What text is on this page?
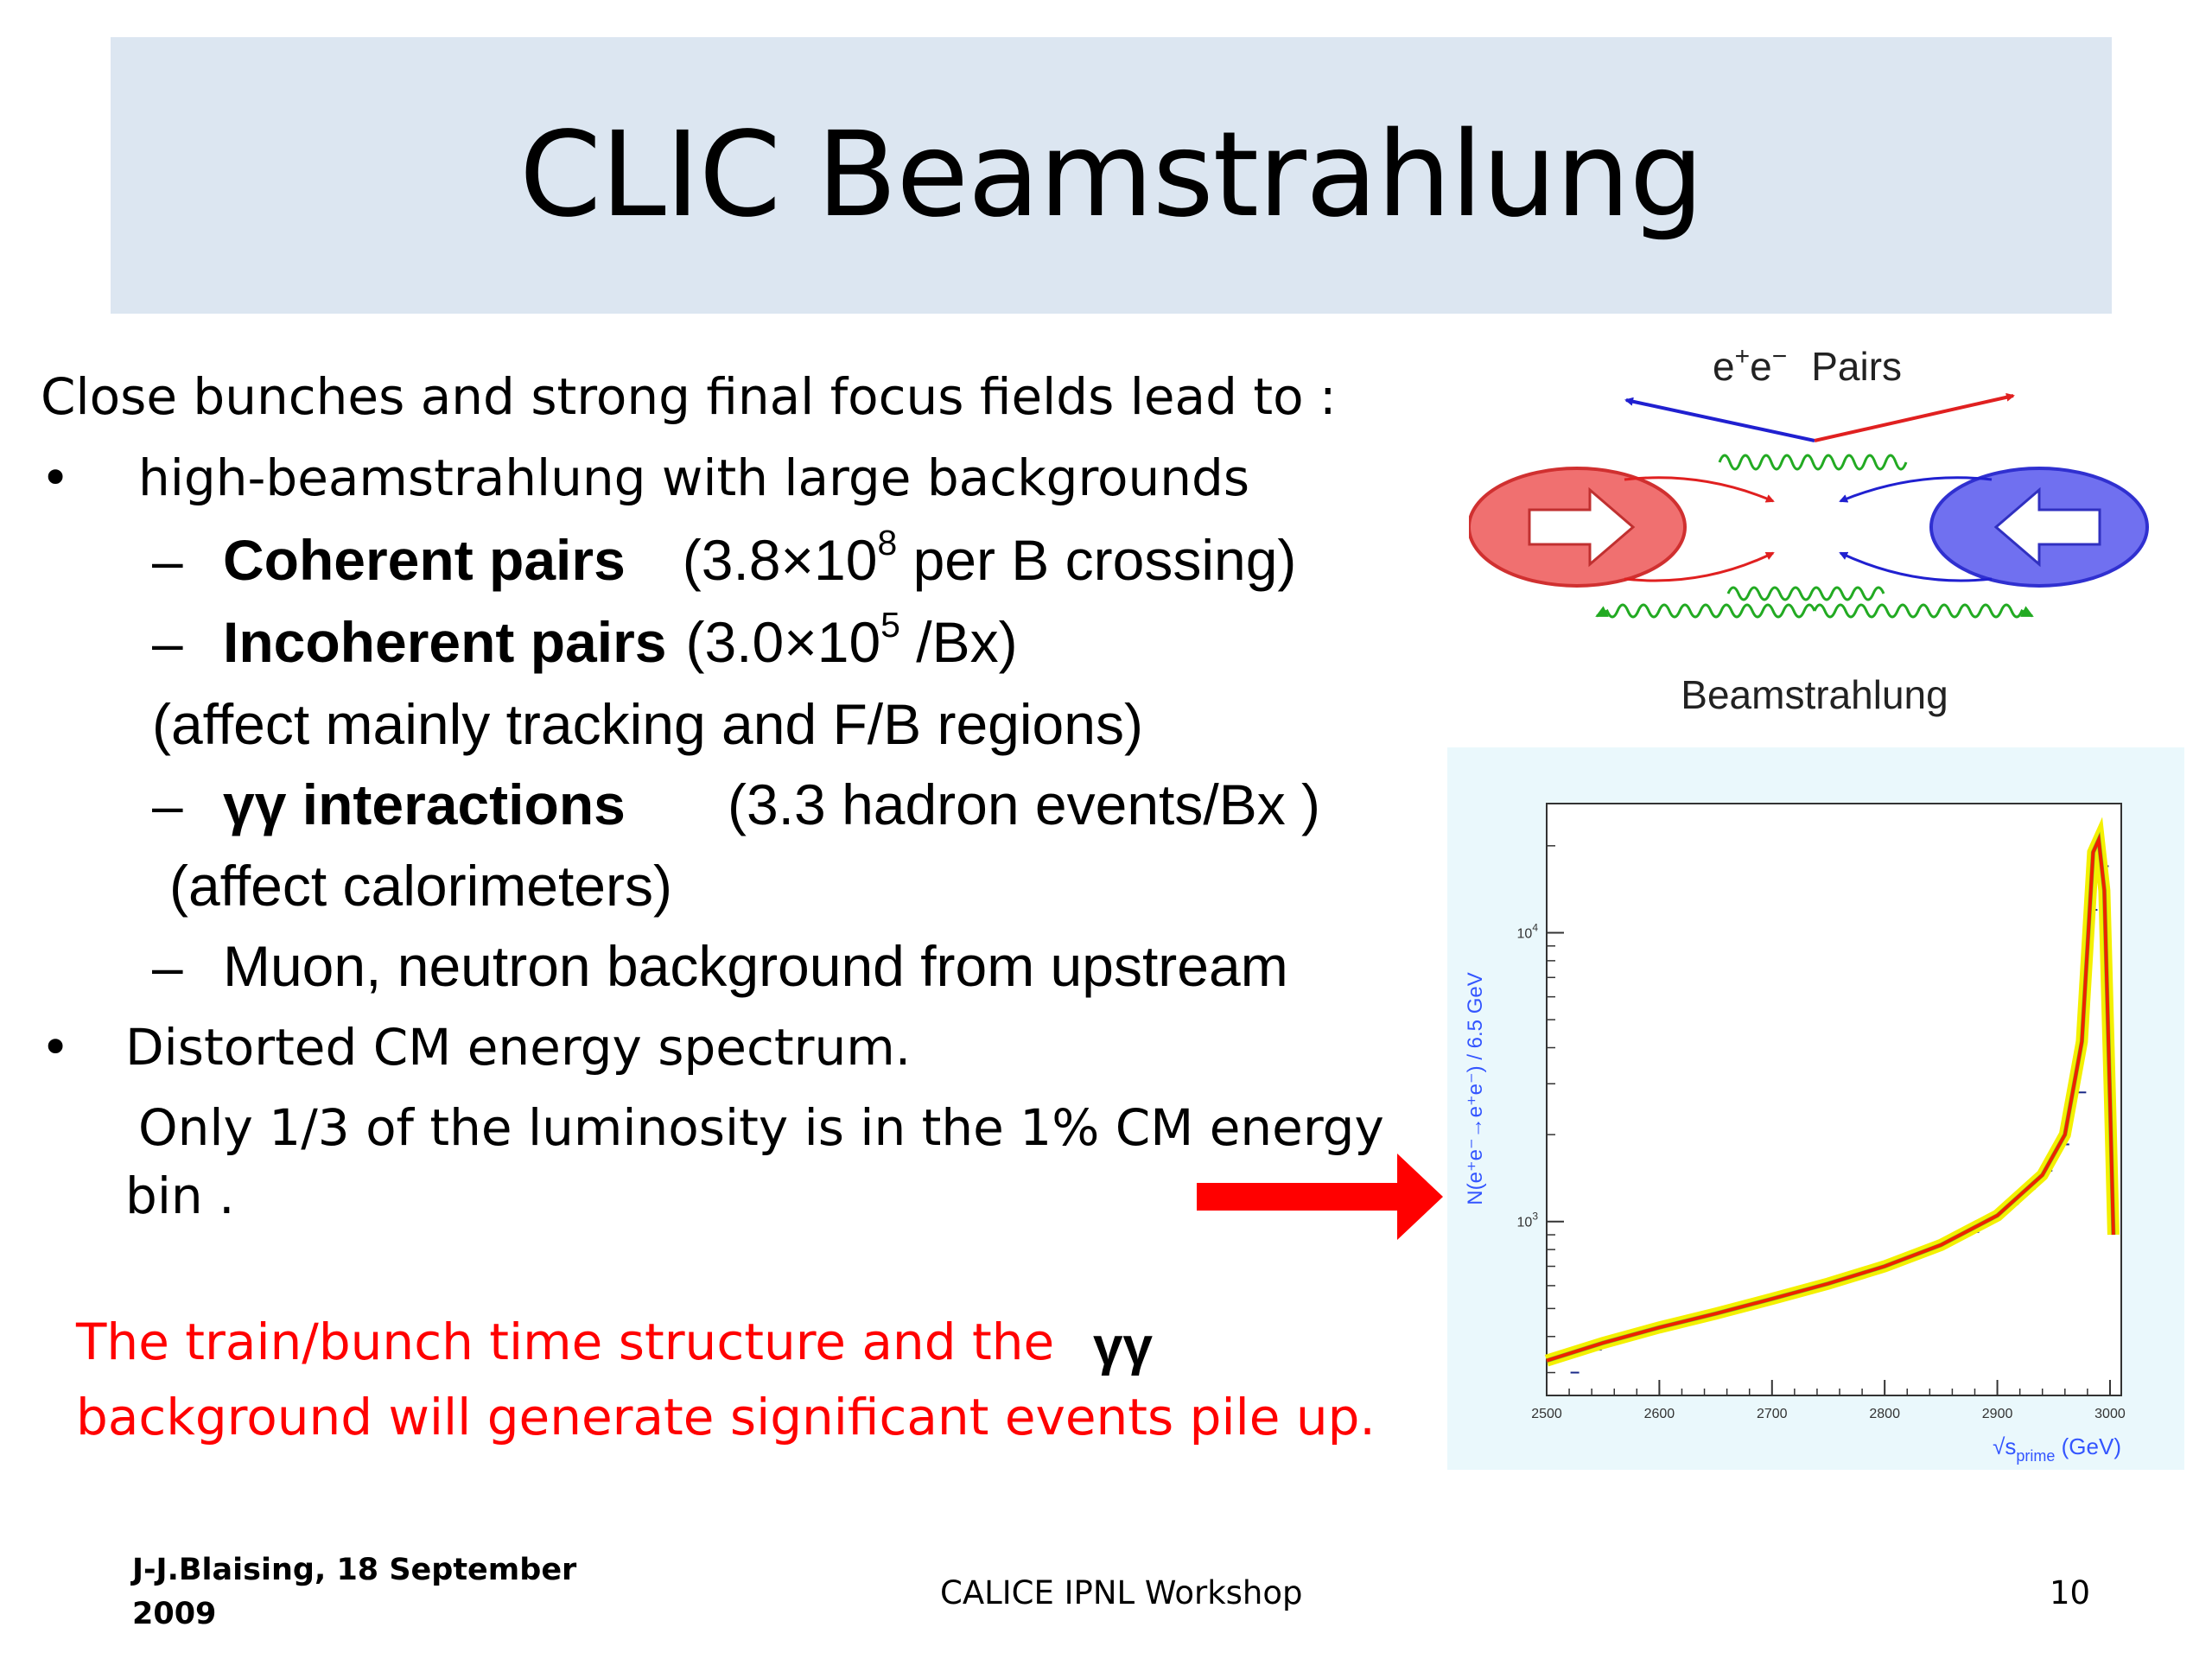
CLIC Beamstrahlung
Close bunches and strong final focus fields lead to :
• high-beamstrahlung with large backgrounds
– Coherent pairs ($3.8\times 10^8$ per B crossing)
– Incoherent pairs ($3.0\times 10^5$ /Bx)
(affect mainly tracking and F/B regions)
– γγ interactions (3.3 hadron events/Bx )
(affect calorimeters)
– Muon, neutron background from upstream
• Distorted CM energy spectrum.
Only 1/3 of the luminosity is in the 1% CM energy
bin .
The train/bunch time structure and the γγ
background will generate significant events pile up.
J-J.Blaising, 18 September
2009
CALICE IPNL Workshop	10
e+e− Pairs
Beamstrahlung
2500	2600	2700	2800	2900	3000
$10^4$
$10^3$
N(e⁺e⁻→e⁺e⁻) / 6.5 GeV
$√s_{prime}$ (GeV)
